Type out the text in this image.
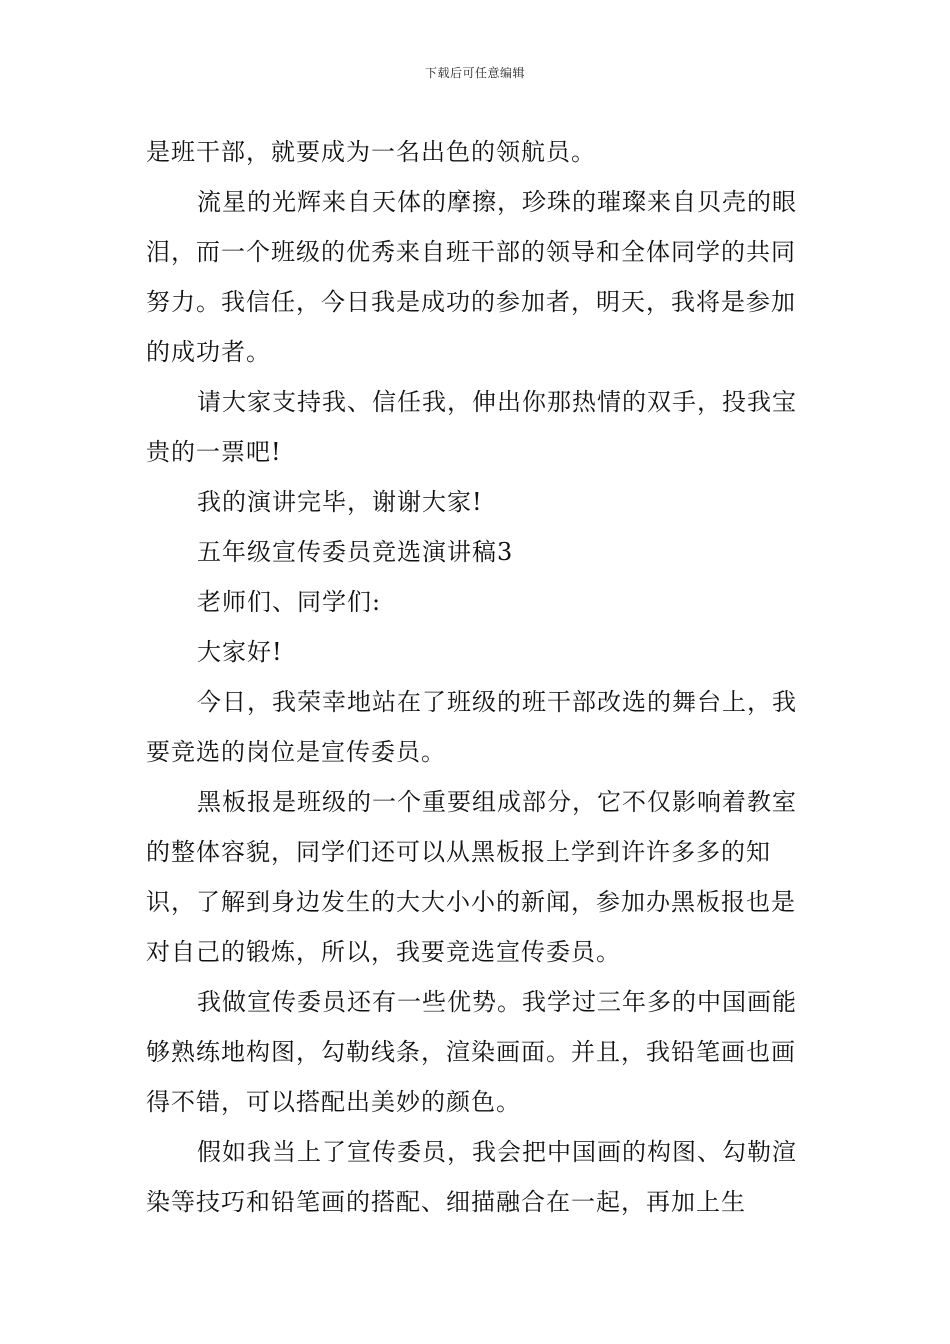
下载后可任意编辑

是班干部，就要成为一名出色的领航员。

流星的光辉来自天体的摩擦，珍珠的璀璨来自贝壳的眼泪，而一个班级的优秀来自班干部的领导和全体同学的共同努力。我信任，今日我是成功的参加者，明天，我将是参加的成功者。

请大家支持我、信任我，伸出你那热情的双手，投我宝贵的一票吧!

我的演讲完毕，谢谢大家!

五年级宣传委员竞选演讲稿3

老师们、同学们:

大家好!

今日，我荣幸地站在了班级的班干部改选的舞台上，我要竞选的岗位是宣传委员。

黑板报是班级的一个重要组成部分，它不仅影响着教室的整体容貌，同学们还可以从黑板报上学到许许多多的知识，了解到身边发生的大大小小的新闻，参加办黑板报也是对自己的锻炼，所以，我要竞选宣传委员。

我做宣传委员还有一些优势。我学过三年多的中国画能够熟练地构图，勾勒线条，渲染画面。并且，我铅笔画也画得不错，可以搭配出美妙的颜色。

假如我当上了宣传委员，我会把中国画的构图、勾勒渲染等技巧和铅笔画的搭配、细描融合在一起，再加上生
